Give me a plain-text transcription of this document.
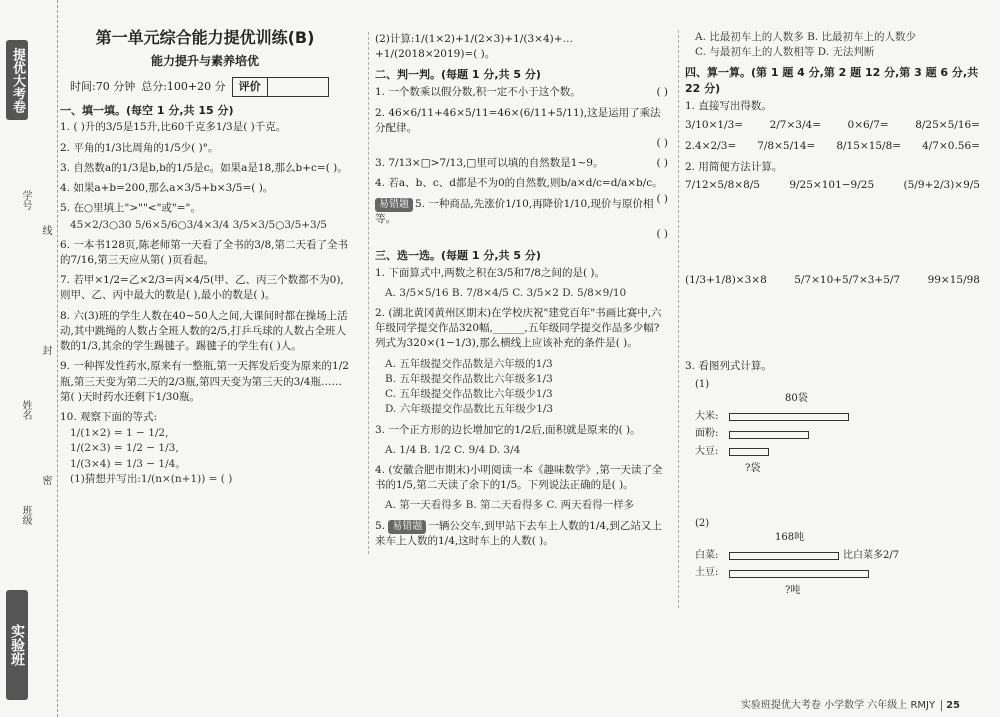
提优大考卷
学号
线
封
姓名
班级
密
实验班
第一单元综合能力提优训练(B)
能力提升与素养培优
时间:70 分钟 总分:100+20 分	评价
一、填一填。(每空 1 分,共 15 分)
1. ( )升的3/5是15升,比60千克多1/3是( )千克。
2. 平角的1/3比周角的1/5少( )°。
3. 自然数a的1/3是b,b的1/5是c。如果a是18,那么b+c=( )。
4. 如果a+b=200,那么a×3/5+b×3/5=( )。
5. 在○里填上">""<"或"="。
45×2/3○30 5/6×5/6○3/4×3/4 3/5×3/5○3/5+3/5
6. 一本书128页,陈老师第一天看了全书的3/8,第二天看了全书的7/16,第三天应从第( )页看起。
7. 若甲×1/2=乙×2/3=丙×4/5(甲、乙、丙三个数都不为0),则甲、乙、丙中最大的数是( ),最小的数是( )。
8. 六(3)班的学生人数在40~50人之间,大课间时都在操场上活动,其中跳绳的人数占全班人数的2/5,打乒乓球的人数占全班人数的1/3,其余的学生踢毽子。踢毽子的学生有( )人。
9. 一种挥发性药水,原来有一整瓶,第一天挥发后变为原来的1/2瓶,第三天变为第二天的2/3瓶,第四天变为第三天的3/4瓶……第( )天时药水还剩下1/30瓶。
10. 观察下面的等式:
1/(1×2) = 1 − 1/2,
1/(2×3) = 1/2 − 1/3,
1/(3×4) = 1/3 − 1/4。
(1)猜想并写出:1/(n×(n+1)) = ( )
(2)计算:1/(1×2)+1/(2×3)+1/(3×4)+…+1/(2018×2019)=( )。
二、判一判。(每题 1 分,共 5 分)
1. 一个数乘以假分数,积一定不小于这个数。	( )
2. 46×6/11+46×5/11=46×(6/11+5/11),这是运用了乘法分配律。

( )

3. 7/13×□>7/13,□里可以填的自然数是1~9。	( )
4. 若a、b、c、d都是不为0的自然数,则b/a×d/c=d/a×b/c。
( )
易错题 5. 一种商品,先涨价1/10,再降价1/10,现价与原价相等。

( )

三、选一选。(每题 1 分,共 5 分)
1. 下面算式中,两数之积在3/5和7/8之间的是( )。
A. 3/5×5/16 B. 7/8×4/5 C. 3/5×2 D. 5/8×9/10
2. (湖北黄冈黄州区期末)在学校庆祝"建党百年"书画比赛中,六年级同学提交作品320幅,______,五年级同学提交作品多少幅?列式为320×(1−1/3),那么横线上应该补充的条件是( )。
A. 五年级提交作品数是六年级的1/3
B. 五年级提交作品数比六年级多1/3
C. 五年级提交作品数比六年级少1/3
D. 六年级提交作品数比五年级少1/3
3. 一个正方形的边长增加它的1/2后,面积就是原来的( )。
A. 1/4 B. 1/2 C. 9/4 D. 3/4
4. (安徽合肥市期末)小明阅读一本《趣味数学》,第一天读了全书的1/5,第二天读了余下的1/5。下列说法正确的是( )。
A. 第一天看得多 B. 第二天看得多 C. 两天看得一样多
5. 易错题 一辆公交车,到甲站下去车上人数的1/4,到乙站又上来车上人数的1/4,这时车上的人数( )。
A. 比最初车上的人数多 B. 比最初车上的人数少
C. 与最初车上的人数相等 D. 无法判断
四、算一算。(第 1 题 4 分,第 2 题 12 分,第 3 题 6 分,共 22 分)
1. 直接写出得数。
3/10×1/3=	2/7×3/4=	0×6/7=	8/25×5/16=
2.4×2/3= 7/8×5/14= 8/15×15/8= 4/7×0.56=
2. 用简便方法计算。
7/12×5/8×8/5	9/25×101−9/25	(5/9+2/3)×9/5
(1/3+1/8)×3×8	5/7×10+5/7×3+5/7	99×15/98
3. 看图列式计算。
(1)
80袋
大米:
面粉:
大豆:
?袋
(2)
168吨
白菜:	比白菜多2/7
土豆:
?吨
实验班提优大考卷 小学数学 六年级上 RMJY 25
